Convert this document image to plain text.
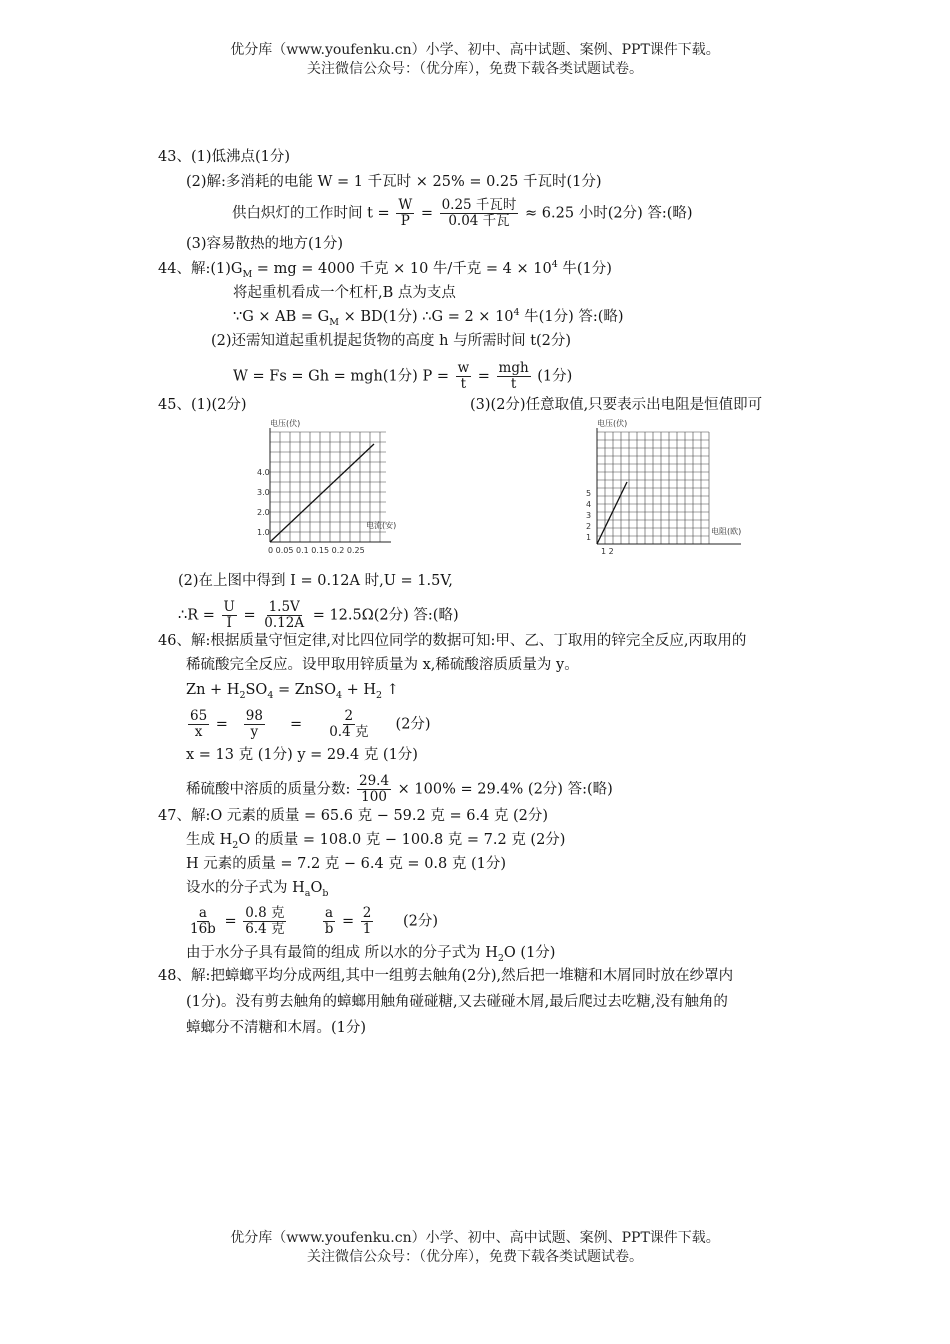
优分库（www.youfenku.cn）小学、初中、高中试题、案例、PPT课件下载。
关注微信公众号：（优分库），免费下载各类试题试卷。
43、(1)低沸点(1分)
(2)解:多消耗的电能 W = 1 千瓦时 × 25% = 0.25 千瓦时(1分)
供白炽灯的工作时间 $t = \frac{W}{P} = \frac{\text{0.25 千瓦时}}{\text{0.04 千瓦}} \approx 6.25$ 小时(2分) 答:(略)
(3)容易散热的地方(1分)
44、解$:(1)G_M$ = mg = 4000 千克 × 10 牛/千克 = $4 \times 10^4$ 牛(1分)
将起重机看成一个杠杆,B 点为支点
∵G × AB = $G_M \times BD(1$分) ∴G = $2 \times 10^4$ 牛(1分) 答:(略)
(2)还需知道起重机提起货物的高度 h 与所需时间 t(2分)
W = Fs = Gh = mgh(1分) $P = \frac{w}{t} = \frac{\text{mgh}}{t} (1$分)
45、(1)(2分)	(3)(2分)任意取值,只要表示出电阻是恒值即可
电压(伏)
4.0
3.0
2.0
1.0
电流(安)
0 0.05 0.1 0.15 0.2 0.25
电压(伏)
5
4
3
2
1
电阻(欧)
1 2
(2)在上图中得到 I = 0.12A 时,U = 1.5V,
∴R = $\frac{U}{I} = \frac{1.5V}{0.12A} = 12.5\Omega(2$分) 答:(略)
46、解:根据质量守恒定律,对比四位同学的数据可知:甲、乙、丁取用的锌完全反应,丙取用的
稀硫酸完全反应。设甲取用锌质量为 x,稀硫酸溶质质量为 y。
$Zn + H_2SO_4$ = ZnSO$_4$ + $H_2$ ↑
$\frac{65}{x} = \frac{98}{y} = \frac{2}{\text{0.4 克}} (2$分)
x = 13 克 (1分) y = 29.4 克 (1分)
稀硫酸中溶质的质量分数: $\frac{29.4}{100} \times 100\% = 29.4\%$ (2分) 答:(略)
47、解:O 元素的质量 = 65.6 克 − 59.2 克 = 6.4 克 (2分)
生成 $H_2O$ 的质量 = 108.0 克 − 100.8 克 = 7.2 克 (2分)
H 元素的质量 = 7.2 克 − 6.4 克 = 0.8 克 (1分)
设水的分子式为 $H_aO_b$
$\frac{a}{16b} = \frac{\text{0.8 克}}{\text{6.4 克}}$
	$\frac{a}{b} = \frac{2}{1} (2$分)
由于水分子具有最简的组成 所以水的分子式为 $H_2O$ (1分)
48、解:把蟑螂平均分成两组,其中一组剪去触角(2分),然后把一堆糖和木屑同时放在纱罩内
(1分)。没有剪去触角的蟑螂用触角碰碰糖,又去碰碰木屑,最后爬过去吃糖,没有触角的
蟑螂分不清糖和木屑。(1分)
优分库（www.youfenku.cn）小学、初中、高中试题、案例、PPT课件下载。
关注微信公众号：（优分库），免费下载各类试题试卷。
